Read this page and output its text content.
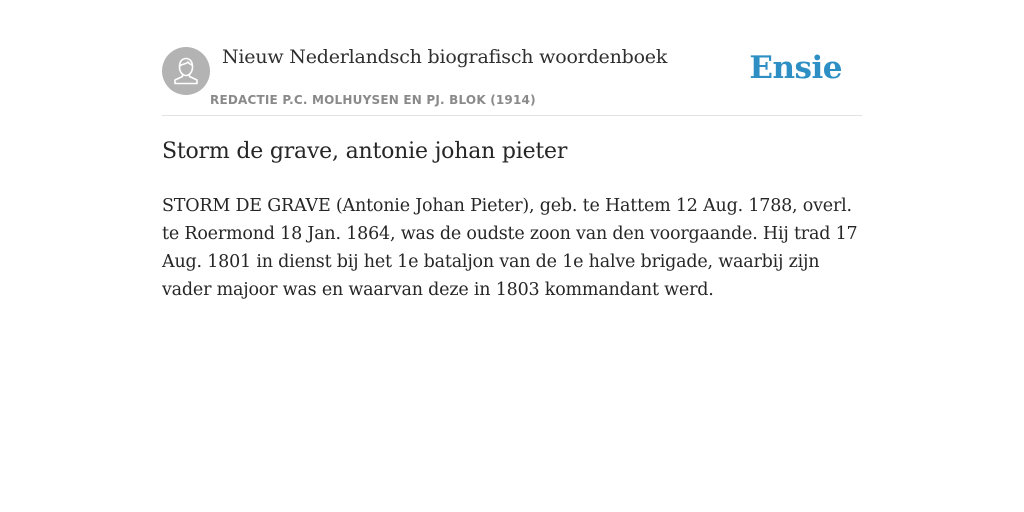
Nieuw Nederlandsch biografisch woordenboek
REDACTIE P.C. MOLHUYSEN EN PJ. BLOK (1914)
Ensie
Storm de grave, antonie johan pieter

STORM DE GRAVE (Antonie Johan Pieter), geb. te Hattem 12 Aug. 1788, overl. te Roermond 18 Jan. 1864, was de oudste zoon van den voorgaande. Hij trad 17 Aug. 1801 in dienst bij het 1e bataljon van de 1e halve brigade, waarbij zijn vader majoor was en waarvan deze in 1803 kommandant werd.
